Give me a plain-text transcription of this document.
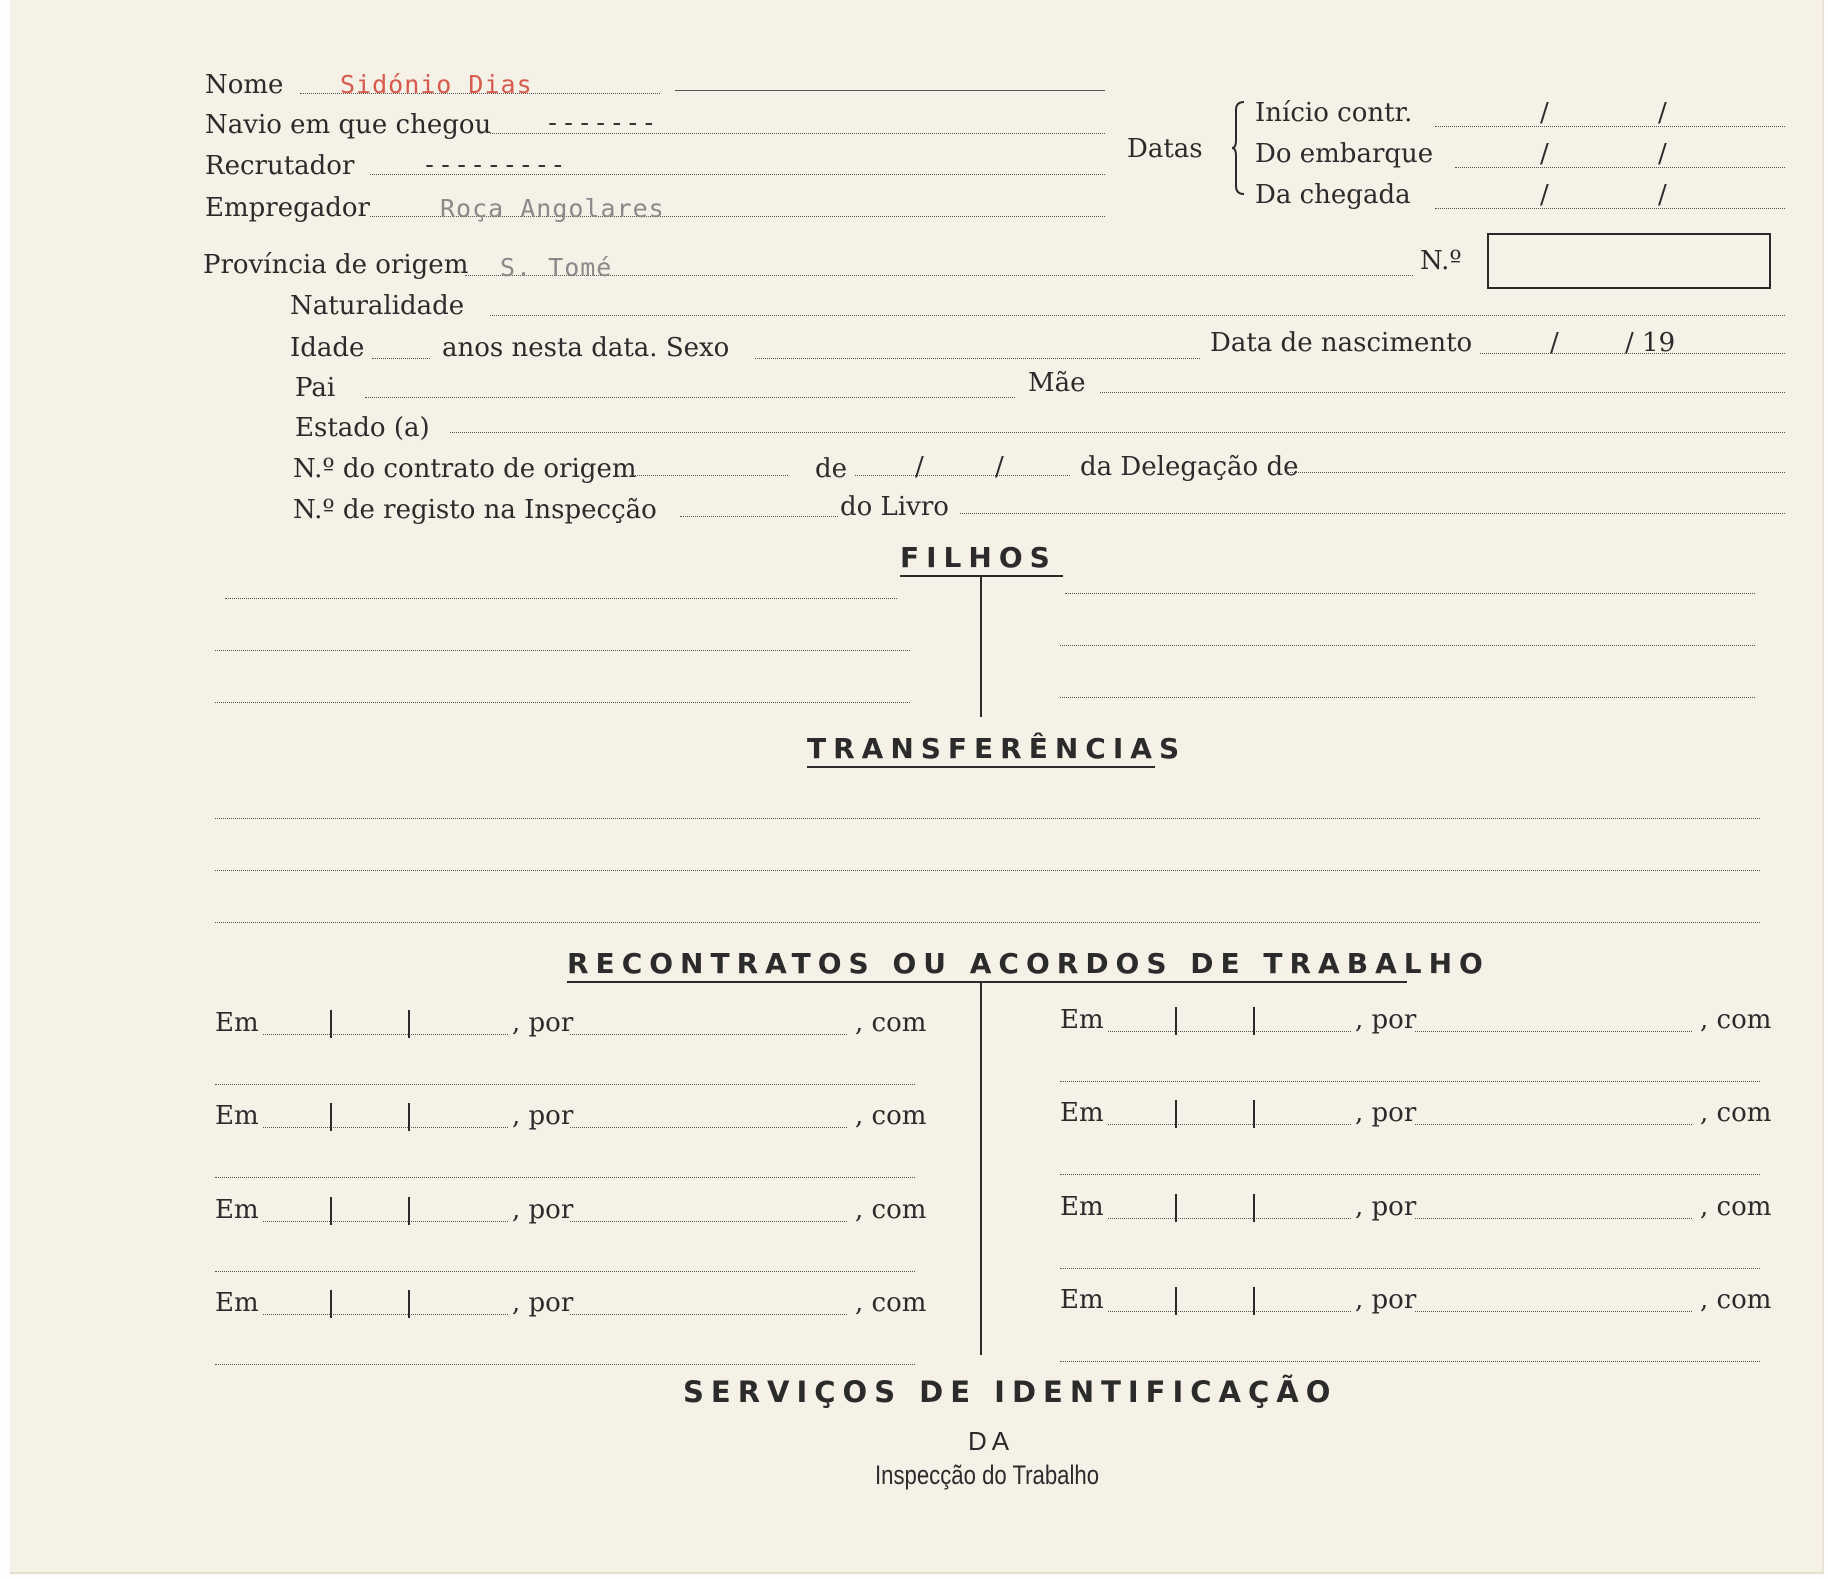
Nome Sidónio Dias
Navio em que chegou -------
Recrutador	---------
Empregador	Roça Angolares
Datas
Início contr.	/	/
Do embarque	/	/
Da chegada	/	/
Província de origem S. Tomé	N.º
Naturalidade
Idade	anos nesta data. Sexo	Data de nascimento	/	/ 19
Pai	Mãe
Estado (a)
N.º do contrato de origem	de	/	/	da Delegação de
N.º de registo na Inspecção	do Livro
FILHOS
TRANSFERÊNCIAS
RECONTRATOS OU ACORDOS DE TRABALHO
Em	, por	, com	Em	, por	, com
Em	, por	, com	Em	, por	, com
Em	, por	, com	Em	, por	, com
Em	, por	, com	Em	, por	, com
SERVIÇOS DE IDENTIFICAÇÃO
DA
Inspecção do Trabalho
